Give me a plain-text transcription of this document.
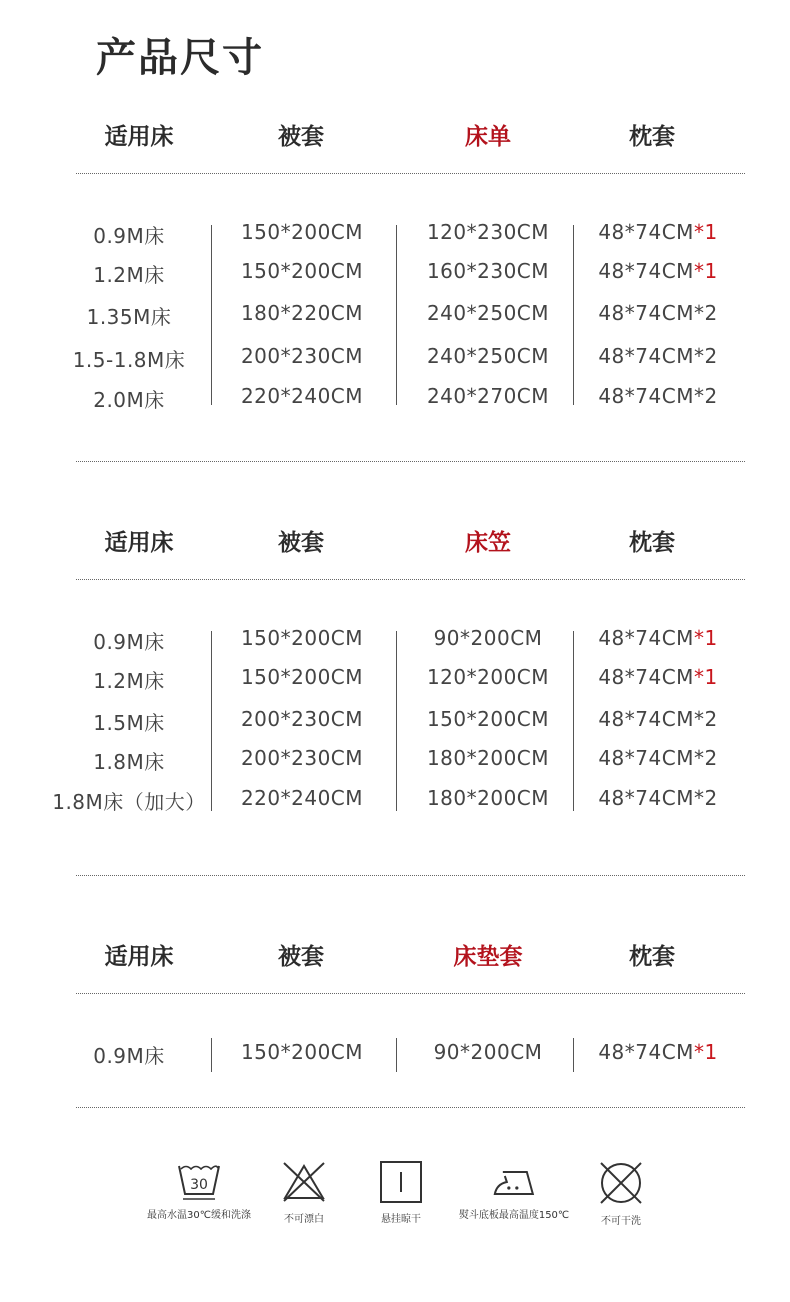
产品尺寸
适用床	被套	床单	枕套
0.9M床	150*200CM	120*230CM 48*74CM*1
1.2M床	150*200CM	160*230CM 48*74CM*1
1.35M床	180*220CM	240*250CM 48*74CM*2
1.5-1.8M床	200*230CM	240*250CM 48*74CM*2
2.0M床	220*240CM	240*270CM 48*74CM*2
适用床	被套	床笠	枕套
0.9M床	150*200CM	90*200CM	48*74CM*1
1.2M床	150*200CM	120*200CM 48*74CM*1
1.5M床	200*230CM	150*200CM 48*74CM*2
1.8M床	200*230CM	180*200CM 48*74CM*2
1.8M床（加大） 220*240CM	180*200CM 48*74CM*2
适用床	被套	床垫套	枕套
0.9M床	150*200CM	90*200CM	48*74CM*1
30
最高水温30℃缓和洗涤	不可漂白	悬挂晾干	熨斗底板最高温度150℃
不可干洗
